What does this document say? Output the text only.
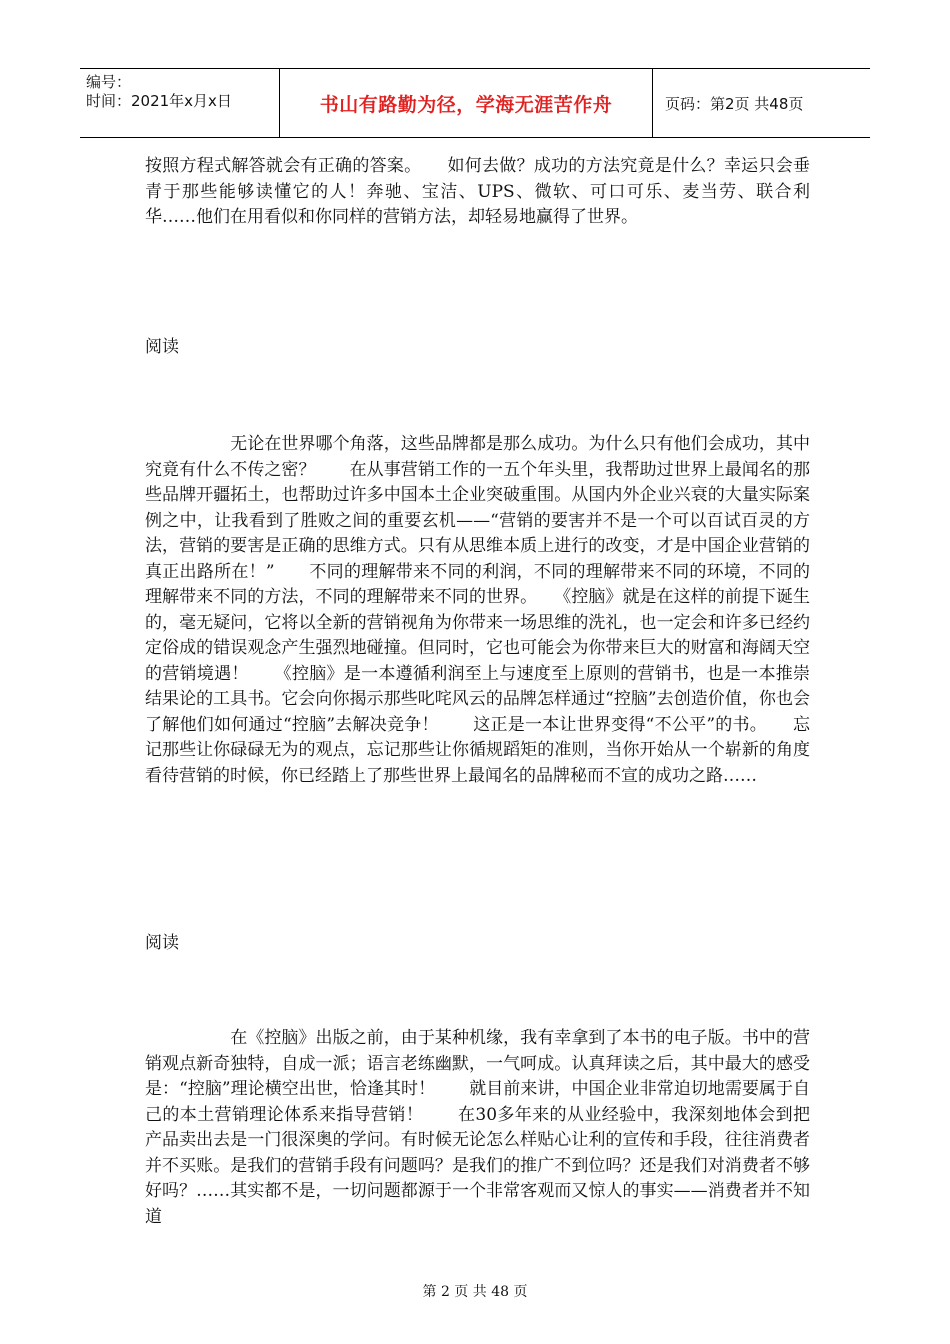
编号：
时间：2021年x月x日	书山有路勤为径，学海无涯苦作舟	页码：第2页 共48页

按照方程式解答就会有正确的答案。　　如何去做？成功的方法究竟是什么？幸运只会垂青于那些能够读懂它的人！奔驰、宝洁、UPS、微软、可口可乐、麦当劳、联合利华……他们在用看似和你同样的营销方法，却轻易地赢得了世界。

阅读

　　　　　无论在世界哪个角落，这些品牌都是那么成功。为什么只有他们会成功，其中究竟有什么不传之密？　　在从事营销工作的一五个年头里，我帮助过世界上最闻名的那些品牌开疆拓土，也帮助过许多中国本土企业突破重围。从国内外企业兴衰的大量实际案例之中，让我看到了胜败之间的重要玄机——“营销的要害并不是一个可以百试百灵的方法，营销的要害是正确的思维方式。只有从思维本质上进行的改变，才是中国企业营销的真正出路所在！”　　不同的理解带来不同的利润，不同的理解带来不同的环境，不同的理解带来不同的方法，不同的理解带来不同的世界。　　《控脑》就是在这样的前提下诞生的，毫无疑问，它将以全新的营销视角为你带来一场思维的洗礼，也一定会和许多已经约定俗成的错误观念产生强烈地碰撞。但同时，它也可能会为你带来巨大的财富和海阔天空的营销境遇！　　《控脑》是一本遵循利润至上与速度至上原则的营销书，也是一本推崇结果论的工具书。它会向你揭示那些叱咤风云的品牌怎样通过“控脑”去创造价值，你也会了解他们如何通过“控脑”去解决竞争！　　这正是一本让世界变得“不公平”的书。　　忘记那些让你碌碌无为的观点，忘记那些让你循规蹈矩的准则，当你开始从一个崭新的角度看待营销的时候，你已经踏上了那些世界上最闻名的品牌秘而不宣的成功之路……

阅读

　　　　　在《控脑》出版之前，由于某种机缘，我有幸拿到了本书的电子版。书中的营销观点新奇独特，自成一派；语言老练幽默，一气呵成。认真拜读之后，其中最大的感受是：“控脑”理论横空出世，恰逢其时！　　就目前来讲，中国企业非常迫切地需要属于自己的本土营销理论体系来指导营销！　　在30多年来的从业经验中，我深刻地体会到把产品卖出去是一门很深奥的学问。有时候无论怎么样贴心让利的宣传和手段，往往消费者并不买账。是我们的营销手段有问题吗？是我们的推广不到位吗？还是我们对消费者不够好吗？……其实都不是，一切问题都源于一个非常客观而又惊人的事实——消费者并不知道

第 2 页 共 48 页
